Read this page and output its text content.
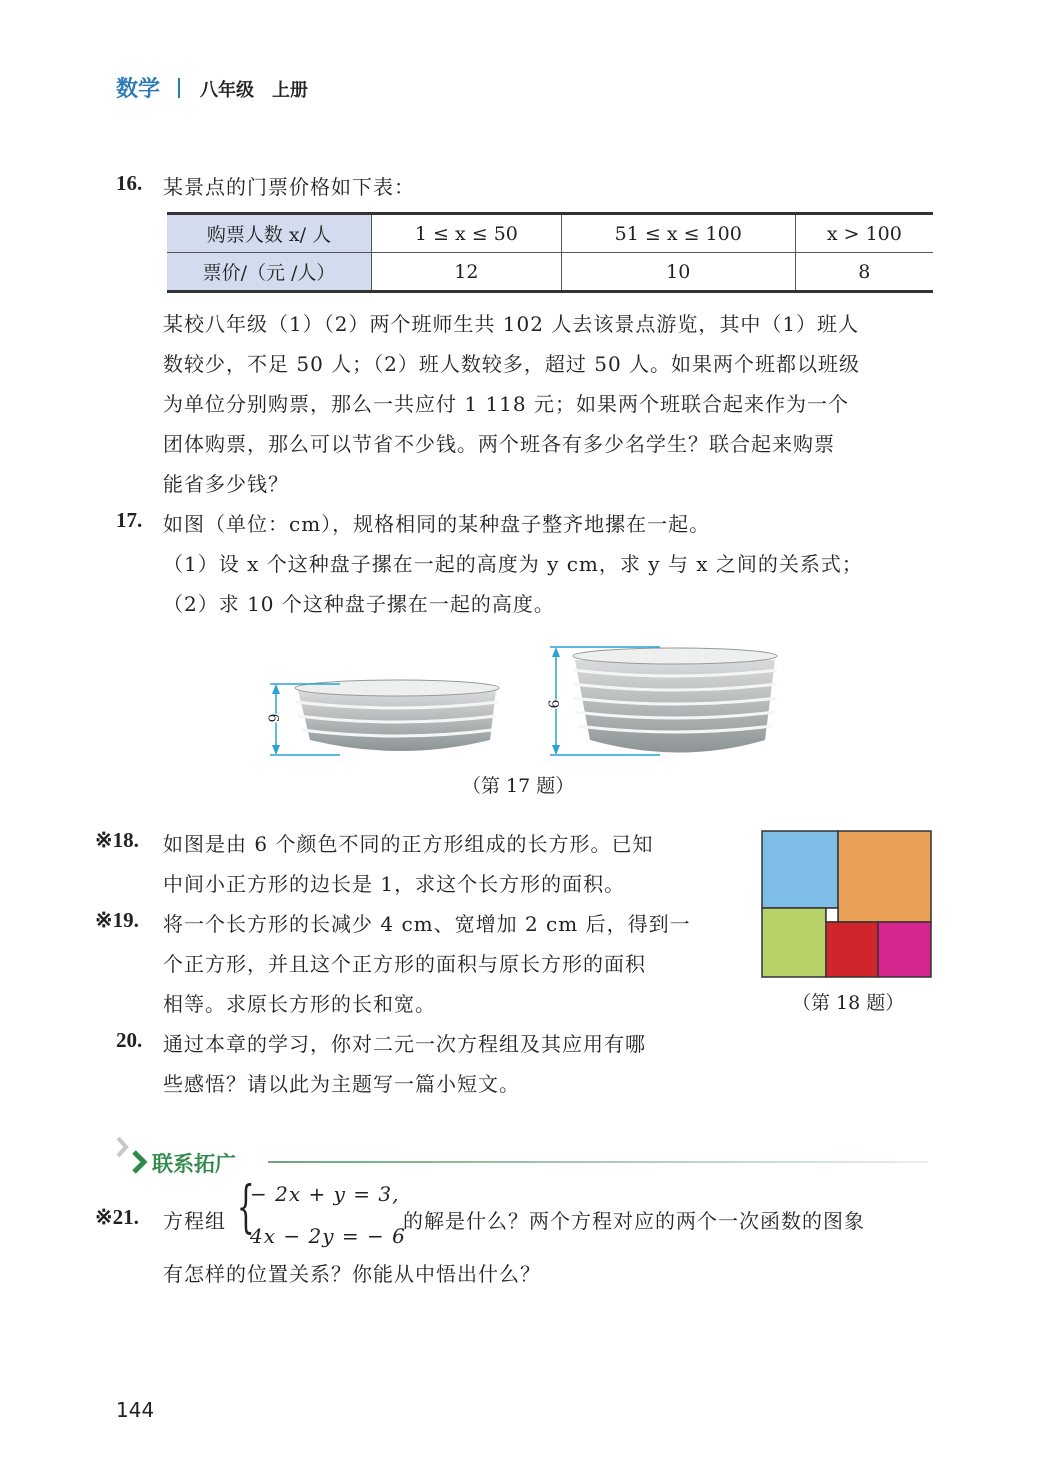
数学 八年级　上册
16. 某景点的门票价格如下表：
购票人数 x/ 人	1 ≤ x ≤ 50	51 ≤ x ≤ 100	x > 100
票价/（元 /人）	12	10	8
某校八年级（1）（2）两个班师生共 102 人去该景点游览，其中（1）班人
数较少，不足 50 人；（2）班人数较多，超过 50 人。如果两个班都以班级
为单位分别购票，那么一共应付 1 118 元；如果两个班联合起来作为一个
团体购票，那么可以节省不少钱。两个班各有多少名学生？联合起来购票
能省多少钱？
17. 如图（单位：cm），规格相同的某种盘子整齐地摞在一起。
（1）设 x 个这种盘子摞在一起的高度为 y cm，求 y 与 x 之间的关系式；
（2）求 10 个这种盘子摞在一起的高度。
6
9
（第 17 题）
※18. 如图是由 6 个颜色不同的正方形组成的长方形。已知
中间小正方形的边长是 1，求这个长方形的面积。
（第 18 题）
※19. 将一个长方形的长减少 4 cm、宽增加 2 cm 后，得到一
个正方形，并且这个正方形的面积与原长方形的面积
相等。求原长方形的长和宽。
20. 通过本章的学习，你对二元一次方程组及其应用有哪
些感悟？请以此为主题写一篇小短文。
联系拓广
※21. 方程组 {
− 2x + y = 3,
4x − 2y = − 6
的解是什么？两个方程对应的两个一次函数的图象
有怎样的位置关系？你能从中悟出什么？
144
